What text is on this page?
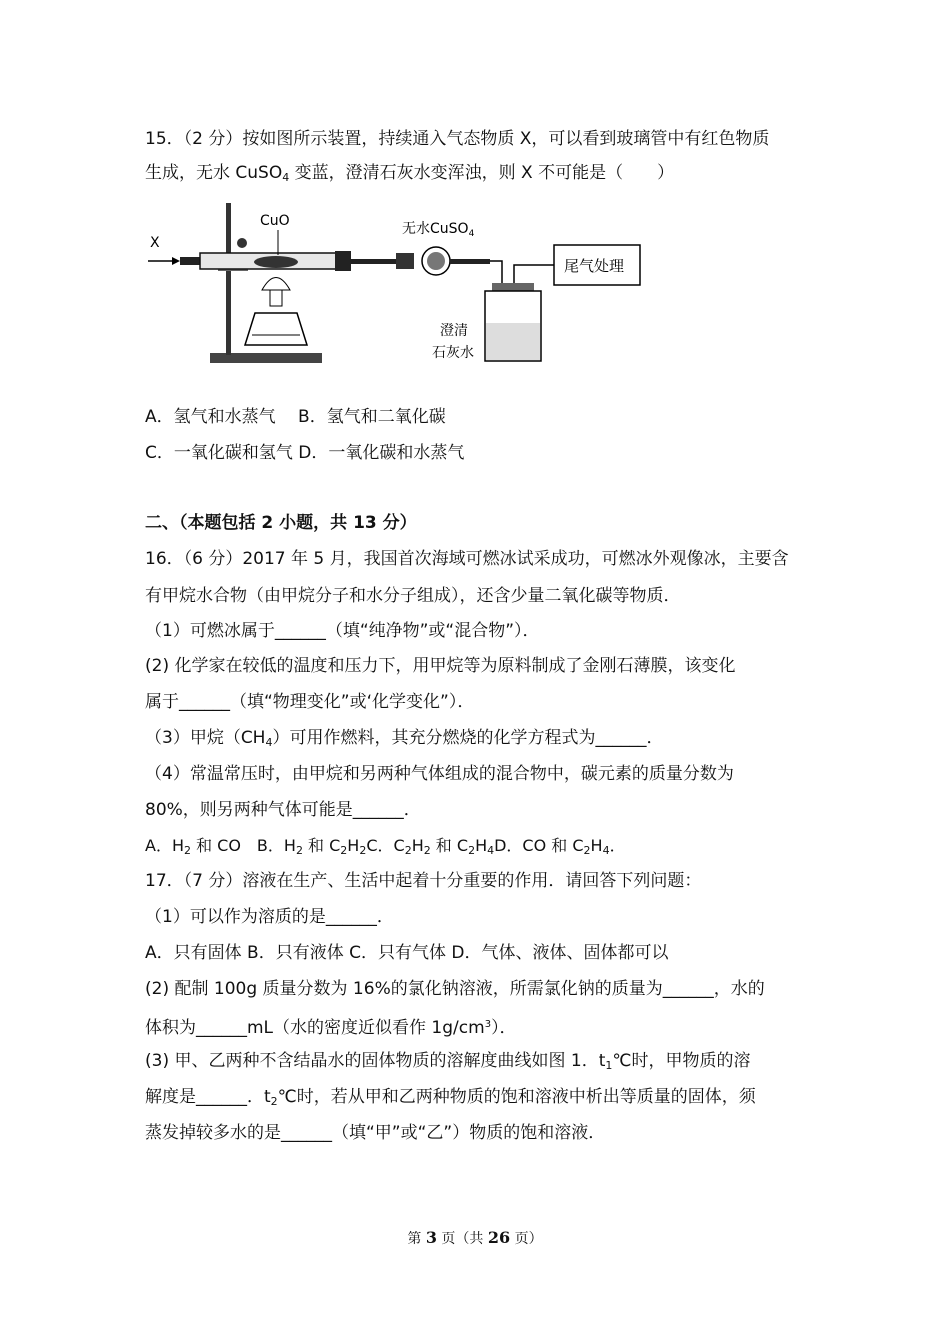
15．（2 分）按如图所示装置，持续通入气态物质 X，可以看到玻璃管中有红色物质
生成，无水 CuSO$_4$ 变蓝，澄清石灰水变浑浊，则 X 不可能是（　　）
X
CuO	无水CuSO$_4$
澄清
石灰水
尾气处理
A．氢气和水蒸气　 B．氢气和二氧化碳
C．一氧化碳和氢气 D．一氧化碳和水蒸气
二、（本题包括 2 小题，共 13 分）
16．（6 分）2017 年 5 月，我国首次海域可燃冰试采成功，可燃冰外观像冰，主要含
有甲烷水合物（由甲烷分子和水分子组成），还含少量二氧化碳等物质．
（1）可燃冰属于______（填“纯净物”或“混合物”）．
(2) 化学家在较低的温度和压力下，用甲烷等为原料制成了金刚石薄膜，该变化
属于______（填“物理变化”或‘化学变化”）．
（3）甲烷$(CH_4)$可用作燃料，其充分燃烧的化学方程式为______．
（4）常温常压时，由甲烷和另两种气体组成的混合物中，碳元素的质量分数为
80%，则另两种气体可能是______．
A．$H_2$ 和 CO　B．$H_2$ 和 $C_2H_2C$．$C_2H_2$ 和 $C_2H_4D$．CO 和 $C_2H_4$．
17．（7 分）溶液在生产、生活中起着十分重要的作用．请回答下列问题：
（1）可以作为溶质的是______．
A．只有固体 B．只有液体 C．只有气体 D．气体、液体、固体都可以
(2) 配制 100g 质量分数为 16%的氯化钠溶液，所需氯化钠的质量为______，水的
体积为______mL（水的密度近似看作 $1g/cm^3$）．
(3) 甲、乙两种不含结晶水的固体物质的溶解度曲线如图 1．$t_1℃$时，甲物质的溶
解度是______．$t_2℃$时，若从甲和乙两种物质的饱和溶液中析出等质量的固体，须
蒸发掉较多水的是______（填“甲”或“乙”）物质的饱和溶液．
第 3 页（共 26 页）
